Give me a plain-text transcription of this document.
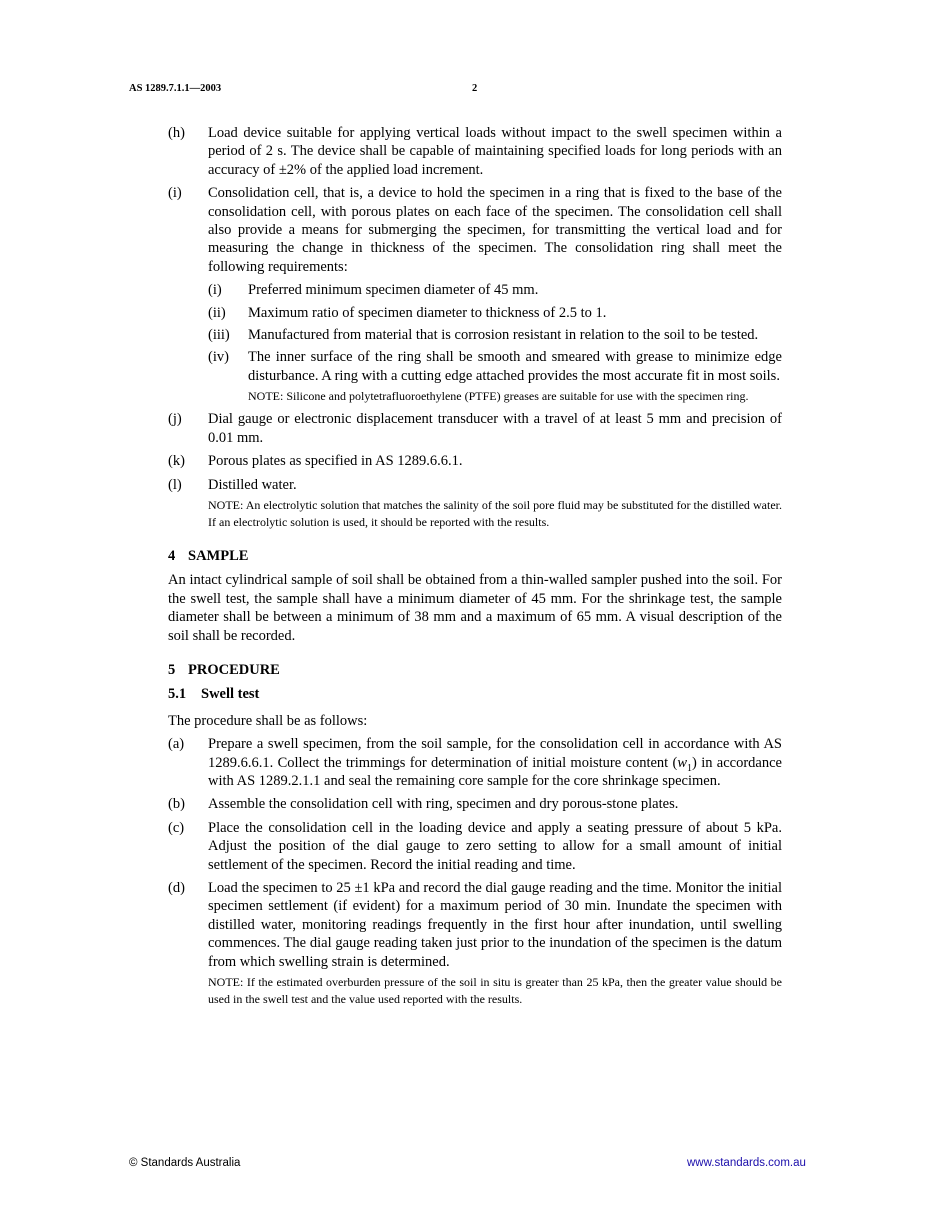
AS 1289.7.1.1—2003	2
(h) Load device suitable for applying vertical loads without impact to the swell specimen within a period of 2 s. The device shall be capable of maintaining specified loads for long periods with an accuracy of ±2% of the applied load increment.
(i) Consolidation cell, that is, a device to hold the specimen in a ring that is fixed to the base of the consolidation cell, with porous plates on each face of the specimen. The consolidation cell shall also provide a means for submerging the specimen, for transmitting the vertical load and for measuring the change in thickness of the specimen. The consolidation ring shall meet the following requirements:
(i) Preferred minimum specimen diameter of 45 mm.
(ii) Maximum ratio of specimen diameter to thickness of 2.5 to 1.
(iii) Manufactured from material that is corrosion resistant in relation to the soil to be tested.
(iv) The inner surface of the ring shall be smooth and smeared with grease to minimize edge disturbance. A ring with a cutting edge attached provides the most accurate fit in most soils.
NOTE: Silicone and polytetrafluoroethylene (PTFE) greases are suitable for use with the specimen ring.
(j) Dial gauge or electronic displacement transducer with a travel of at least 5 mm and precision of 0.01 mm.
(k) Porous plates as specified in AS 1289.6.6.1.
(l) Distilled water.
NOTE: An electrolytic solution that matches the salinity of the soil pore fluid may be substituted for the distilled water. If an electrolytic solution is used, it should be reported with the results.
4 SAMPLE
An intact cylindrical sample of soil shall be obtained from a thin-walled sampler pushed into the soil. For the swell test, the sample shall have a minimum diameter of 45 mm. For the shrinkage test, the sample diameter shall be between a minimum of 38 mm and a maximum of 65 mm. A visual description of the soil shall be recorded.
5 PROCEDURE
5.1 Swell test
The procedure shall be as follows:
(a) Prepare a swell specimen, from the soil sample, for the consolidation cell in accordance with AS 1289.6.6.1. Collect the trimmings for determination of initial moisture content $(w_1)$ in accordance with AS 1289.2.1.1 and seal the remaining core sample for the core shrinkage specimen.
(b) Assemble the consolidation cell with ring, specimen and dry porous-stone plates.
(c) Place the consolidation cell in the loading device and apply a seating pressure of about 5 kPa. Adjust the position of the dial gauge to zero setting to allow for a small amount of initial settlement of the specimen. Record the initial reading and time.
(d) Load the specimen to 25 ±1 kPa and record the dial gauge reading and the time. Monitor the initial specimen settlement (if evident) for a maximum period of 30 min. Inundate the specimen with distilled water, monitoring readings frequently in the first hour after inundation, until swelling commences. The dial gauge reading taken just prior to the inundation of the specimen is the datum from which swelling strain is determined.
NOTE: If the estimated overburden pressure of the soil in situ is greater than 25 kPa, then the greater value should be used in the swell test and the value used reported with the results.
© Standards Australia	www.standards.com.au
